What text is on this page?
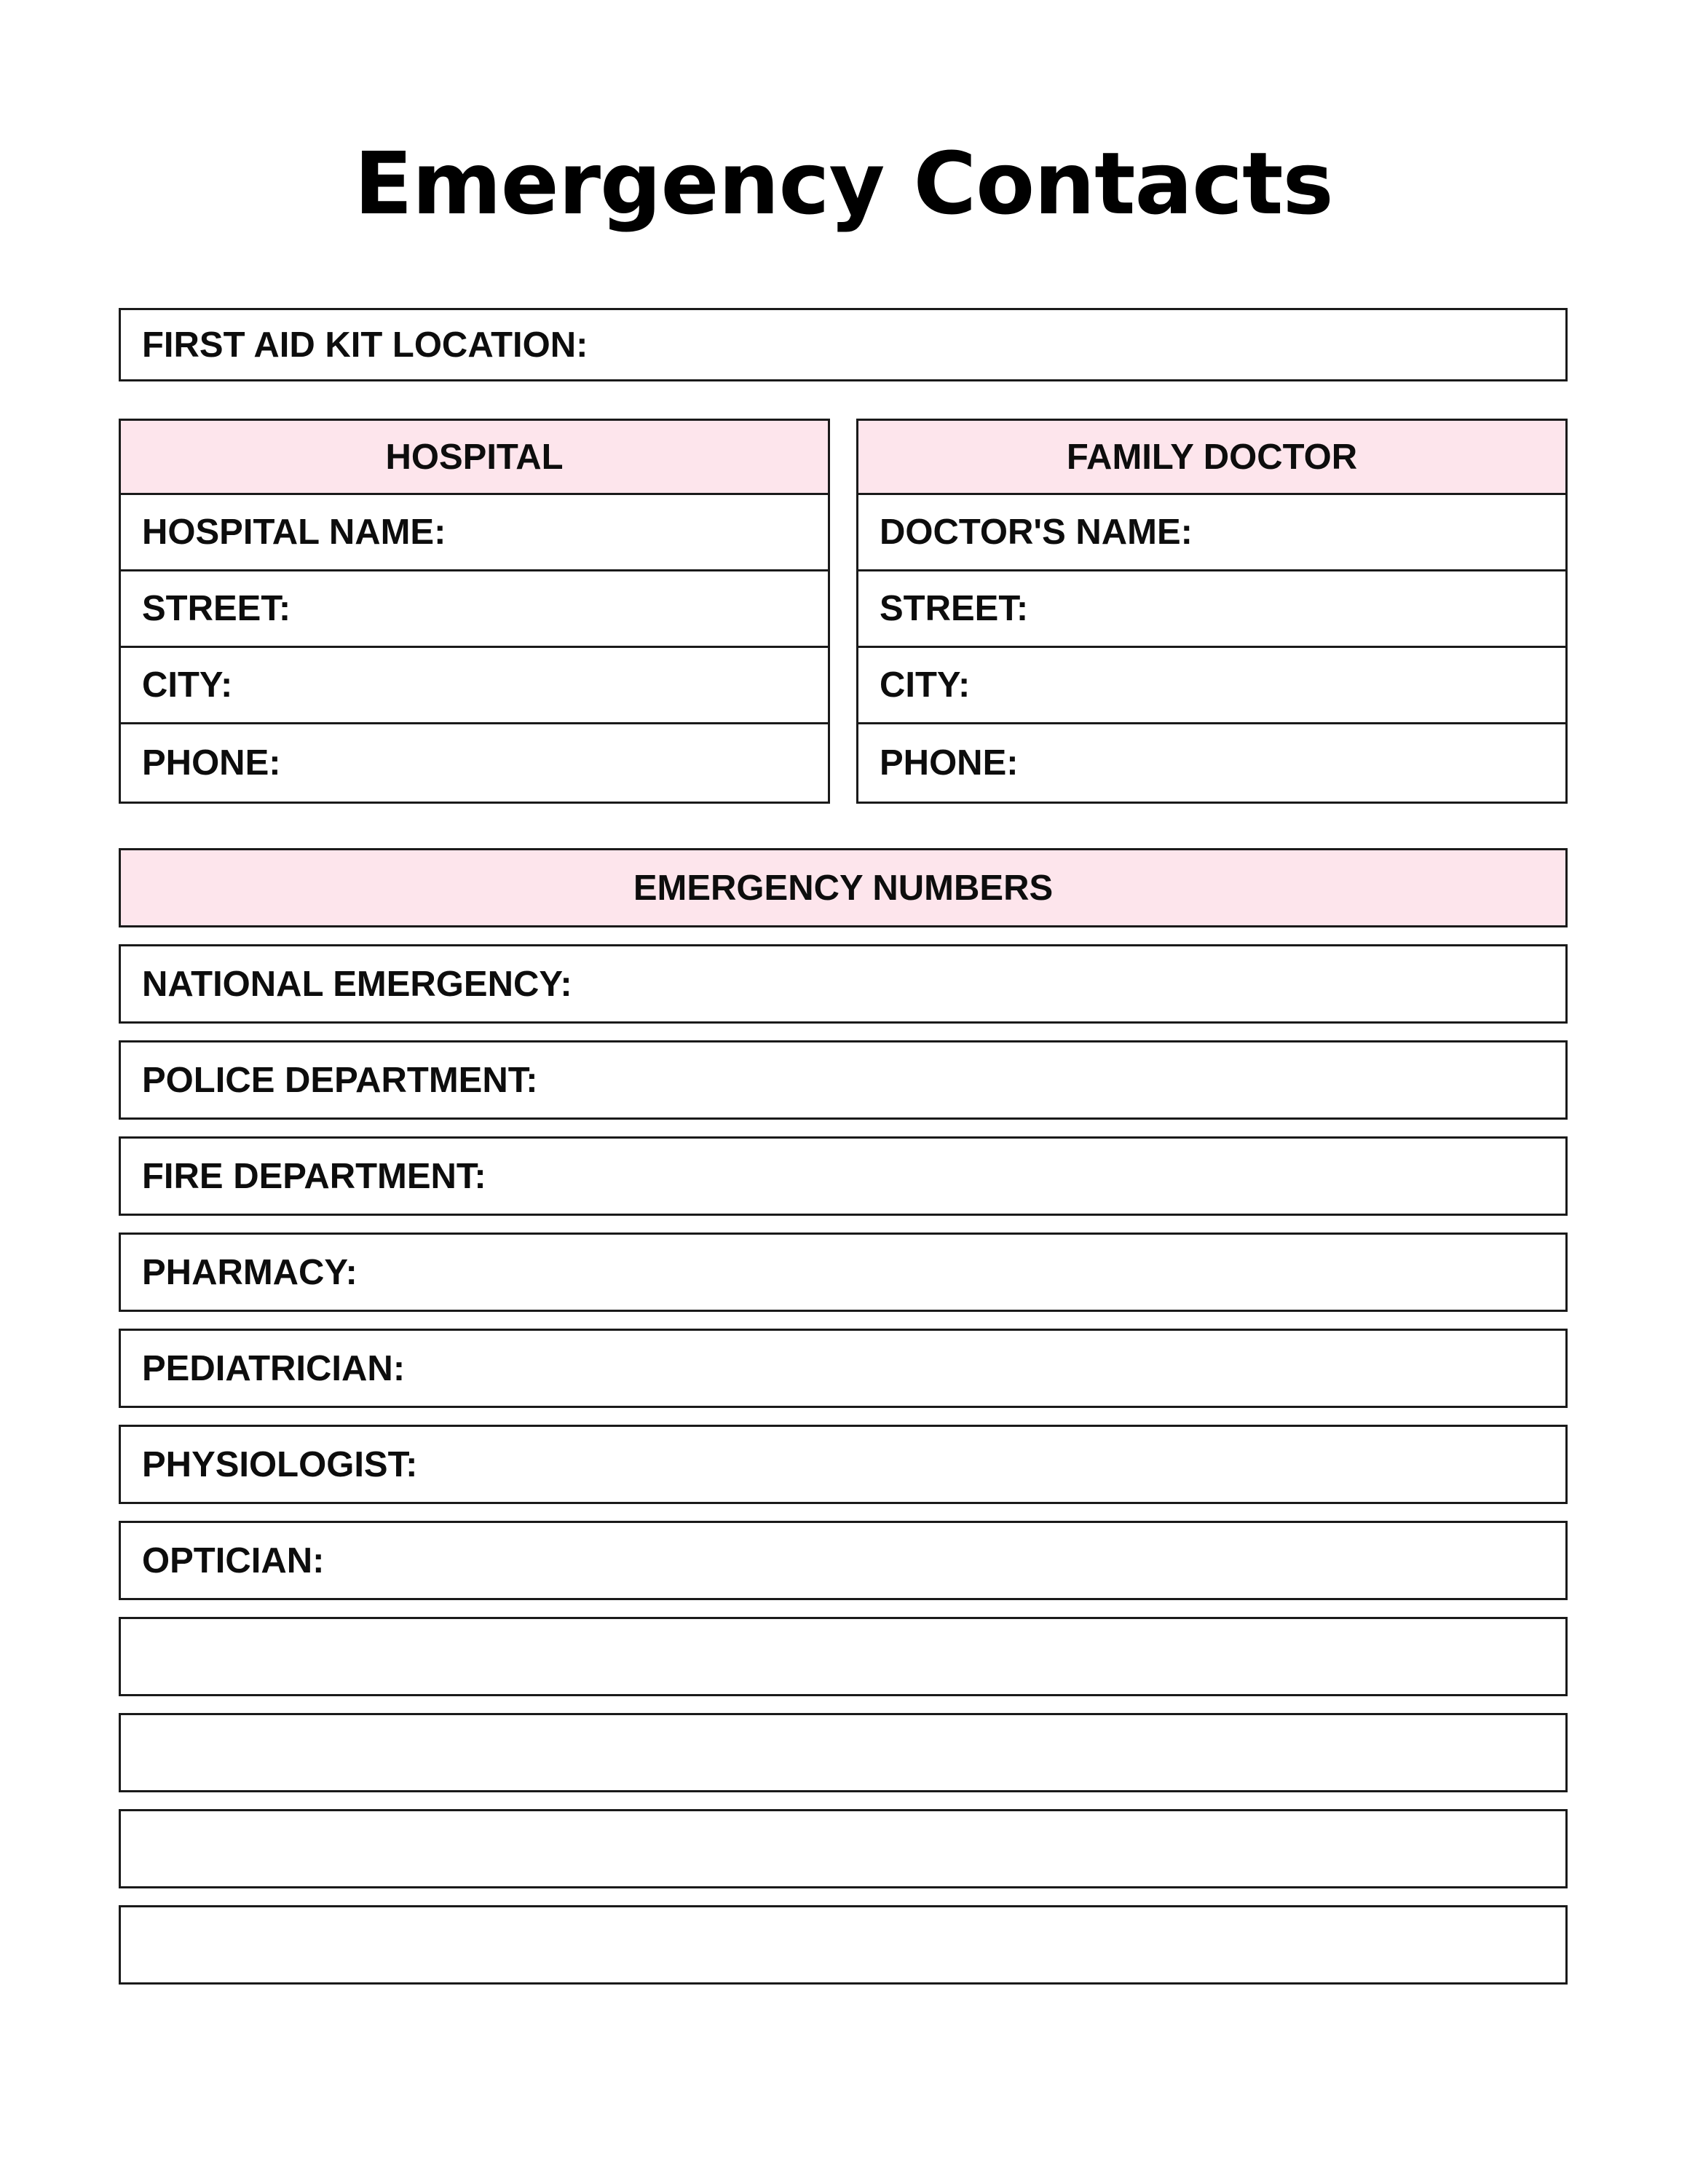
Emergency Contacts
FIRST AID KIT LOCATION:
HOSPITAL
HOSPITAL NAME:
STREET:
CITY:
PHONE:
FAMILY DOCTOR
DOCTOR'S NAME:
STREET:
CITY:
PHONE:
EMERGENCY NUMBERS
NATIONAL EMERGENCY:
POLICE DEPARTMENT:
FIRE DEPARTMENT:
PHARMACY:
PEDIATRICIAN:
PHYSIOLOGIST:
OPTICIAN:
